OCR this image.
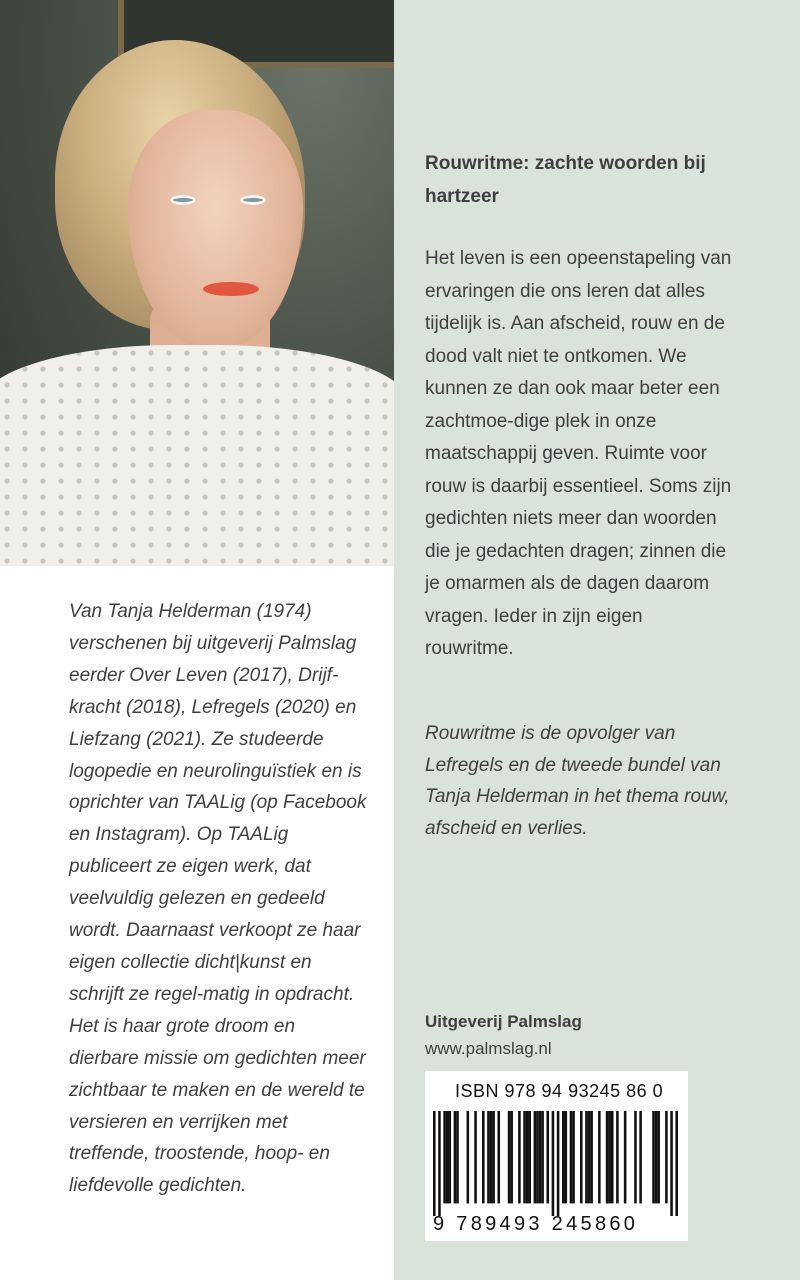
Rouwritme: zachte woorden bij hartzeer

Het leven is een opeenstapeling van ervaringen die ons leren dat alles tijdelijk is. Aan afscheid, rouw en de dood valt niet te ontkomen. We kunnen ze dan ook maar beter een zachtmoe-dige plek in onze maatschappij geven. Ruimte voor rouw is daarbij essentieel. Soms zijn gedichten niets meer dan woorden die je gedachten dragen; zinnen die je omarmen als de dagen daarom vragen. Ieder in zijn eigen rouwritme.

Rouwritme is de opvolger van Lefregels en de tweede bundel van Tanja Helderman in het thema rouw, afscheid en verlies.

Van Tanja Helderman (1974) verschenen bij uitgeverij Palmslag eerder Over Leven (2017), Drijf-kracht (2018), Lefregels (2020) en Liefzang (2021). Ze studeerde logopedie en neurolinguïstiek en is oprichter van TAALig (op Facebook en Instagram). Op TAALig publiceert ze eigen werk, dat veelvuldig gelezen en gedeeld wordt. Daarnaast verkoopt ze haar eigen collectie dicht|kunst en schrijft ze regel-matig in opdracht. Het is haar grote droom en dierbare missie om gedichten meer zichtbaar te maken en de wereld te versieren en verrijken met treffende, troostende, hoop- en liefdevolle gedichten.

Uitgeverij Palmslag

www.palmslag.nl

ISBN 978 94 93245 86 0
9 789493 245860
